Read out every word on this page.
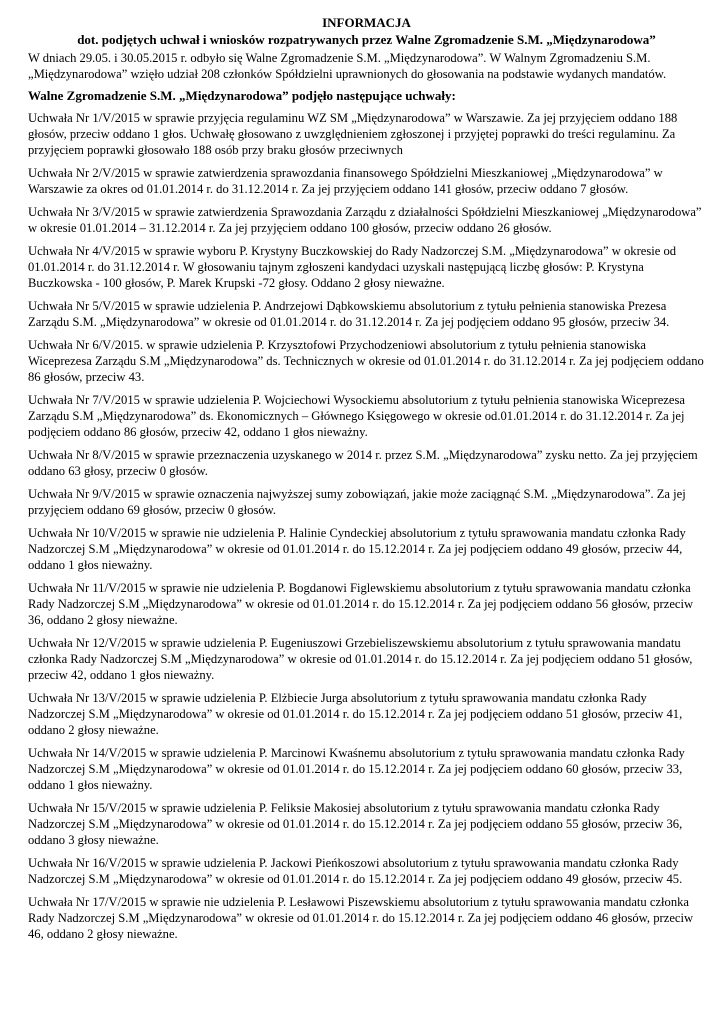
INFORMACJA

dot. podjętych uchwał i wniosków rozpatrywanych przez Walne Zgromadzenie S.M. „Międzynarodowa”

W dniach 29.05. i 30.05.2015 r. odbyło się Walne Zgromadzenie S.M. „Międzynarodowa”. W Walnym Zgromadzeniu S.M. „Międzynarodowa” wzięło udział 208 członków Spółdzielni uprawnionych do głosowania na podstawie wydanych mandatów.

Walne Zgromadzenie S.M. „Międzynarodowa” podjęło następujące uchwały:

Uchwała Nr 1/V/2015 w sprawie przyjęcia regulaminu WZ SM „Międzynarodowa” w Warszawie. Za jej przyjęciem oddano 188 głosów, przeciw oddano 1 głos. Uchwałę głosowano z uwzględnieniem zgłoszonej i przyjętej poprawki do treści regulaminu. Za przyjęciem poprawki głosowało 188 osób przy braku głosów przeciwnych

Uchwała Nr 2/V/2015 w sprawie zatwierdzenia sprawozdania finansowego Spółdzielni Mieszkaniowej „Międzynarodowa” w Warszawie za okres od 01.01.2014 r. do 31.12.2014 r. Za jej przyjęciem oddano 141 głosów, przeciw oddano 7 głosów.

Uchwała Nr 3/V/2015 w sprawie zatwierdzenia Sprawozdania Zarządu z działalności Spółdzielni Mieszkaniowej „Międzynarodowa” w okresie 01.01.2014 – 31.12.2014 r. Za jej przyjęciem oddano 100 głosów, przeciw oddano 26 głosów.

Uchwała Nr 4/V/2015 w sprawie wyboru P. Krystyny Buczkowskiej do Rady Nadzorczej S.M. „Międzynarodowa” w okresie od 01.01.2014 r. do 31.12.2014 r. W głosowaniu tajnym zgłoszeni kandydaci uzyskali następującą liczbę głosów: P. Krystyna Buczkowska - 100 głosów, P. Marek Krupski -72 głosy. Oddano 2 głosy nieważne.

Uchwała Nr 5/V/2015 w sprawie udzielenia P. Andrzejowi Dąbkowskiemu absolutorium z tytułu pełnienia stanowiska Prezesa Zarządu S.M. „Międzynarodowa” w okresie od 01.01.2014 r. do 31.12.2014 r. Za jej podjęciem oddano 95 głosów, przeciw 34.

Uchwała Nr 6/V/2015. w sprawie udzielenia P. Krzysztofowi Przychodzeniowi absolutorium z tytułu pełnienia stanowiska Wiceprezesa Zarządu S.M „Międzynarodowa” ds. Technicznych w okresie od 01.01.2014 r. do 31.12.2014 r. Za jej podjęciem oddano 86 głosów, przeciw 43.

Uchwała Nr 7/V/2015 w sprawie udzielenia P. Wojciechowi Wysockiemu absolutorium z tytułu pełnienia stanowiska Wiceprezesa Zarządu S.M „Międzynarodowa” ds. Ekonomicznych – Głównego Księgowego w okresie od.01.01.2014 r. do 31.12.2014 r. Za jej podjęciem oddano 86 głosów, przeciw 42, oddano 1 głos nieważny.

Uchwała Nr 8/V/2015 w sprawie przeznaczenia uzyskanego w 2014 r. przez S.M. „Międzynarodowa” zysku netto. Za jej przyjęciem oddano 63 głosy, przeciw 0 głosów.

Uchwała Nr 9/V/2015 w sprawie oznaczenia najwyższej sumy zobowiązań, jakie może zaciągnąć S.M. „Międzynarodowa”. Za jej przyjęciem oddano 69 głosów, przeciw 0 głosów.

Uchwała Nr 10/V/2015 w sprawie nie udzielenia P. Halinie Cyndeckiej absolutorium z tytułu sprawowania mandatu członka Rady Nadzorczej S.M „Międzynarodowa” w okresie od 01.01.2014 r. do 15.12.2014 r. Za jej podjęciem oddano 49 głosów, przeciw 44, oddano 1 głos nieważny.

Uchwała Nr 11/V/2015 w sprawie nie udzielenia P. Bogdanowi Figlewskiemu absolutorium z tytułu sprawowania mandatu członka Rady Nadzorczej S.M „Międzynarodowa” w okresie od 01.01.2014 r. do 15.12.2014 r. Za jej podjęciem oddano 56 głosów, przeciw 36, oddano 2 głosy nieważne.

Uchwała Nr 12/V/2015 w sprawie udzielenia P. Eugeniuszowi Grzebieliszewskiemu absolutorium z tytułu sprawowania mandatu członka Rady Nadzorczej S.M „Międzynarodowa” w okresie od 01.01.2014 r. do 15.12.2014 r. Za jej podjęciem oddano 51 głosów, przeciw 42, oddano 1 głos nieważny.

Uchwała Nr 13/V/2015 w sprawie udzielenia P. Elżbiecie Jurga absolutorium z tytułu sprawowania mandatu członka Rady Nadzorczej S.M „Międzynarodowa” w okresie od 01.01.2014 r. do 15.12.2014 r. Za jej podjęciem oddano 51 głosów, przeciw 41, oddano 2 głosy nieważne.

Uchwała Nr 14/V/2015 w sprawie udzielenia P. Marcinowi Kwaśnemu absolutorium z tytułu sprawowania mandatu członka Rady Nadzorczej S.M „Międzynarodowa” w okresie od 01.01.2014 r. do 15.12.2014 r. Za jej podjęciem oddano 60 głosów, przeciw 33, oddano 1 głos nieważny.

Uchwała Nr 15/V/2015 w sprawie udzielenia P. Feliksie Makosiej absolutorium z tytułu sprawowania mandatu członka Rady Nadzorczej S.M „Międzynarodowa” w okresie od 01.01.2014 r. do 15.12.2014 r. Za jej podjęciem oddano 55 głosów, przeciw 36, oddano 3 głosy nieważne.

Uchwała Nr 16/V/2015 w sprawie udzielenia P. Jackowi Pieńkoszowi absolutorium z tytułu sprawowania mandatu członka Rady Nadzorczej S.M „Międzynarodowa” w okresie od 01.01.2014 r. do 15.12.2014 r. Za jej podjęciem oddano 49 głosów, przeciw 45.

Uchwała Nr 17/V/2015 w sprawie nie udzielenia P. Lesławowi Piszewskiemu absolutorium z tytułu sprawowania mandatu członka Rady Nadzorczej S.M „Międzynarodowa” w okresie od 01.01.2014 r. do 15.12.2014 r. Za jej podjęciem oddano 46 głosów, przeciw 46, oddano 2 głosy nieważne.
